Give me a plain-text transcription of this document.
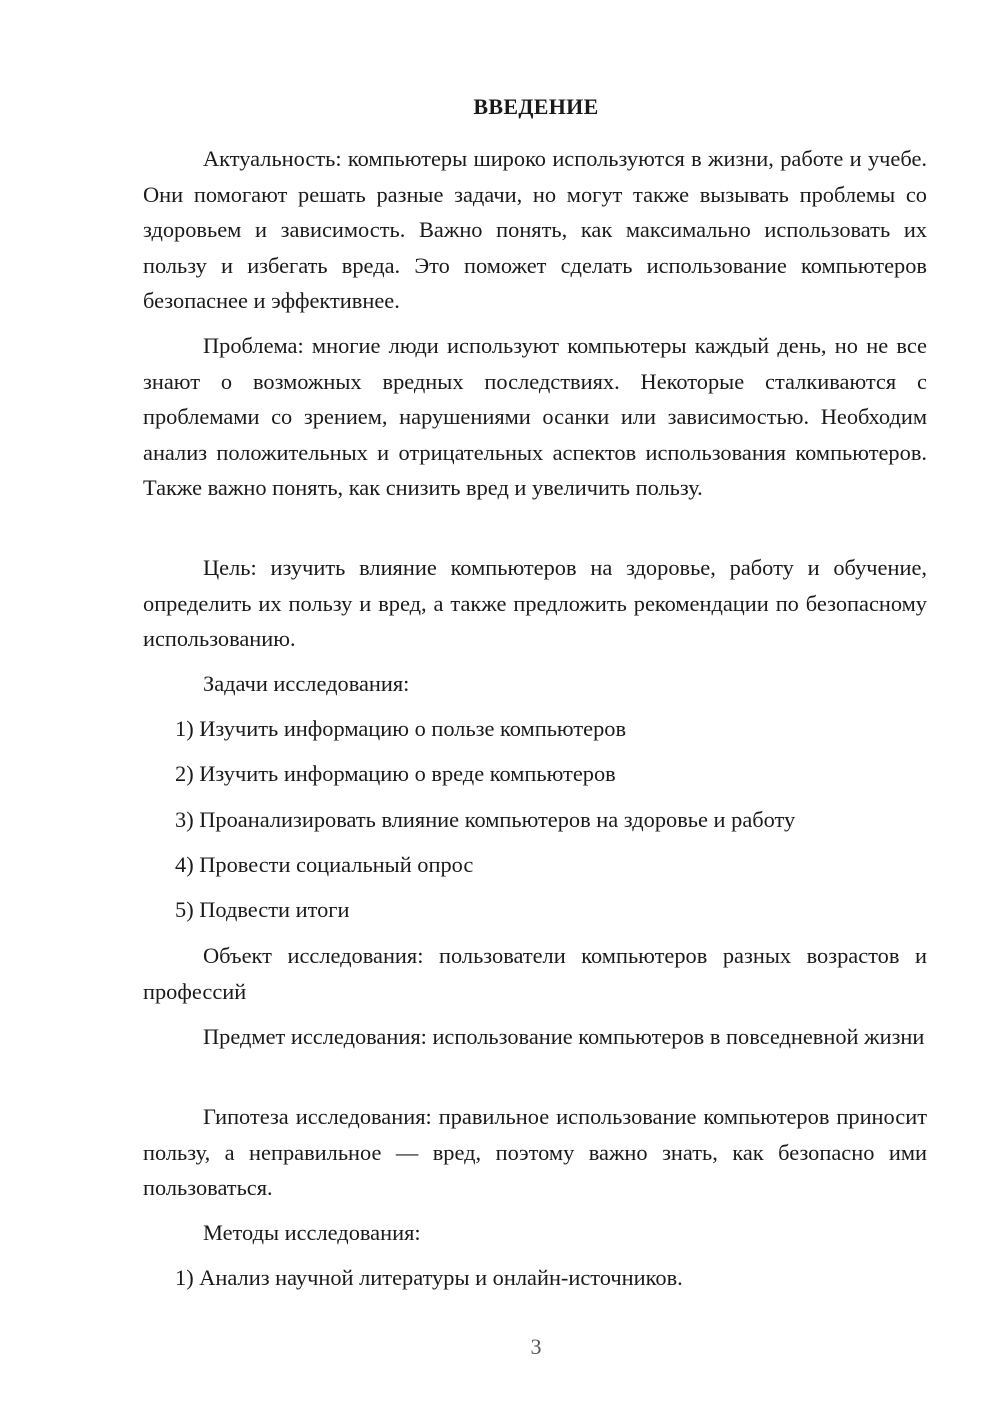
ВВЕДЕНИЕ

Актуальность: компьютеры широко используются в жизни, работе и учебе. Они помогают решать разные задачи, но могут также вызывать проблемы со здоровьем и зависимость. Важно понять, как максимально использовать их пользу и избегать вреда. Это поможет сделать использование компьютеров безопаснее и эффективнее.

Проблема: многие люди используют компьютеры каждый день, но не все знают о возможных вредных последствиях. Некоторые сталкиваются с проблемами со зрением, нарушениями осанки или зависимостью. Необходим анализ положительных и отрицательных аспектов использования компьютеров. Также важно понять, как снизить вред и увеличить пользу.

Цель: изучить влияние компьютеров на здоровье, работу и обучение, определить их пользу и вред, а также предложить рекомендации по безопасному использованию.

Задачи исследования:
1) Изучить информацию о пользе компьютеров
2) Изучить информацию о вреде компьютеров
3) Проанализировать влияние компьютеров на здоровье и работу
4) Провести социальный опрос
5) Подвести итоги

Объект исследования: пользователи компьютеров разных возрастов и профессий

Предмет исследования: использование компьютеров в повседневной жизни

Гипотеза исследования: правильное использование компьютеров приносит пользу, а неправильное — вред, поэтому важно знать, как безопасно ими пользоваться.

Методы исследования:
1) Анализ научной литературы и онлайн-источников.
3
